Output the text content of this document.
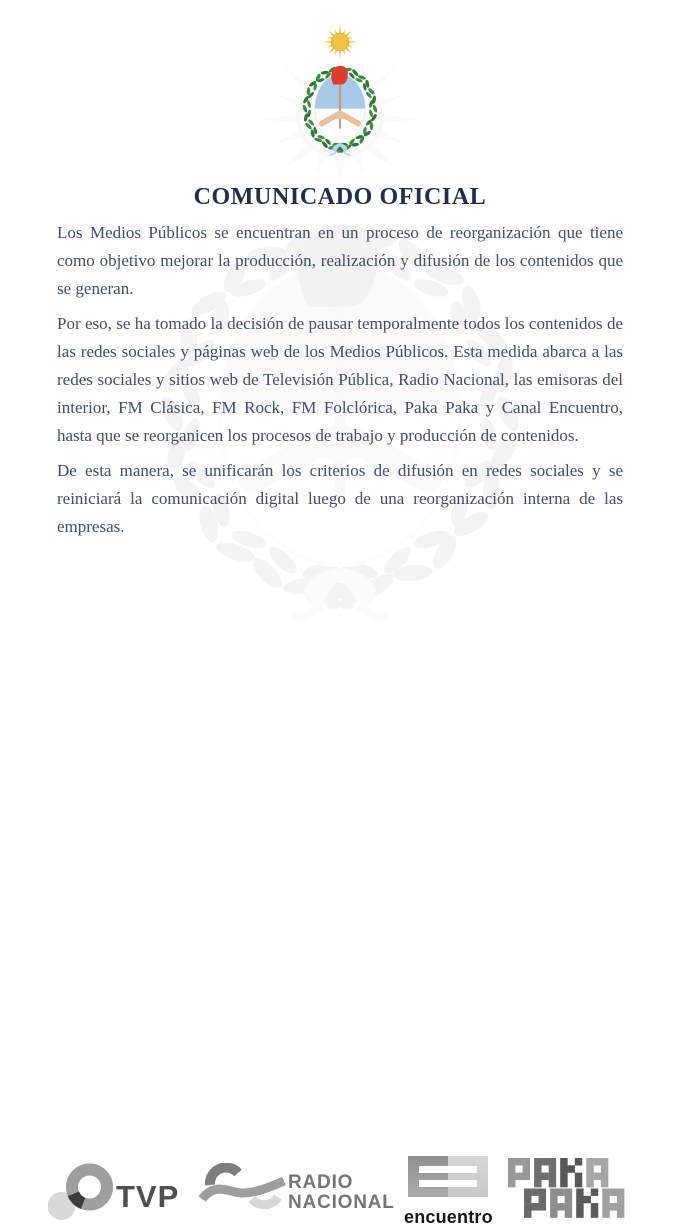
COMUNICADO OFICIAL

Los Medios Públicos se encuentran en un proceso de reorganización que tiene como objetivo mejorar la producción, realización y difusión de los contenidos que se generan.

Por eso, se ha tomado la decisión de pausar temporalmente todos los contenidos de las redes sociales y páginas web de los Medios Públicos. Esta medida abarca a las redes sociales y sitios web de Televisión Pública, Radio Nacional, las emisoras del interior, FM Clásica, FM Rock, FM Folclórica, Paka Paka y Canal Encuentro, hasta que se reorganicen los procesos de trabajo y producción de contenidos.

De esta manera, se unificarán los criterios de difusión en redes sociales y se reiniciará la comunicación digital luego de una reorganización interna de las empresas.

TVP	RADIO
NACIONAL
encuentro
